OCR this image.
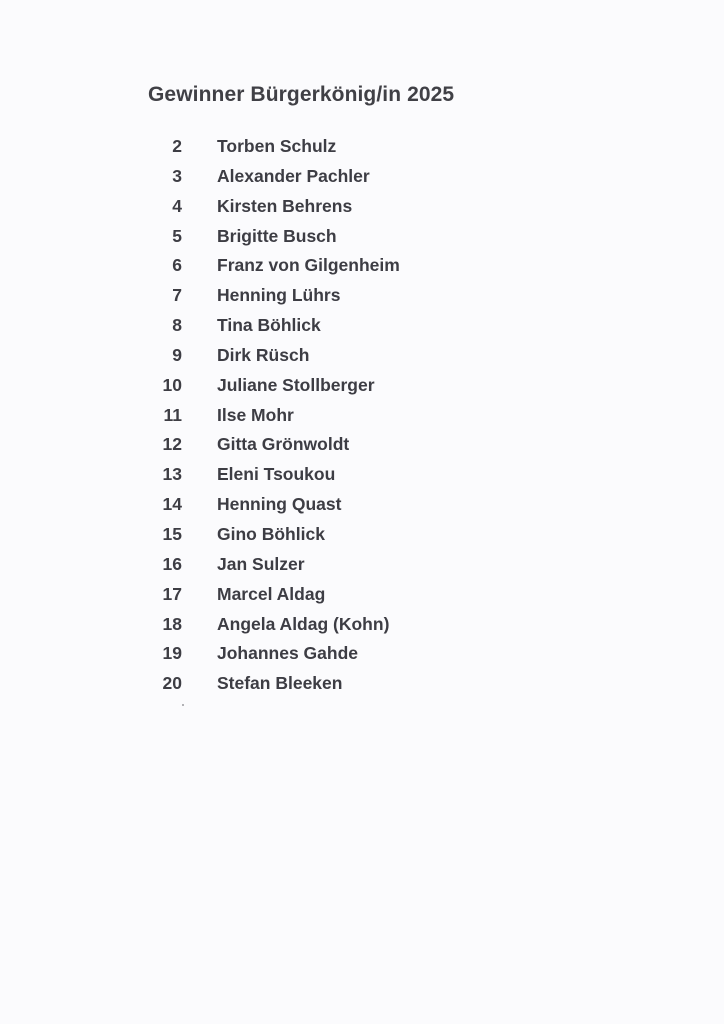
Gewinner Bürgerkönig/in 2025
2 Torben Schulz
3 Alexander Pachler
4 Kirsten Behrens
5 Brigitte Busch
6 Franz von Gilgenheim
7 Henning Lührs
8 Tina Böhlick
9 Dirk Rüsch
10 Juliane Stollberger
11 Ilse Mohr
12 Gitta Grönwoldt
13 Eleni Tsoukou
14 Henning Quast
15 Gino Böhlick
16 Jan Sulzer
17 Marcel Aldag
18 Angela Aldag (Kohn)
19 Johannes Gahde
20 Stefan Bleeken
